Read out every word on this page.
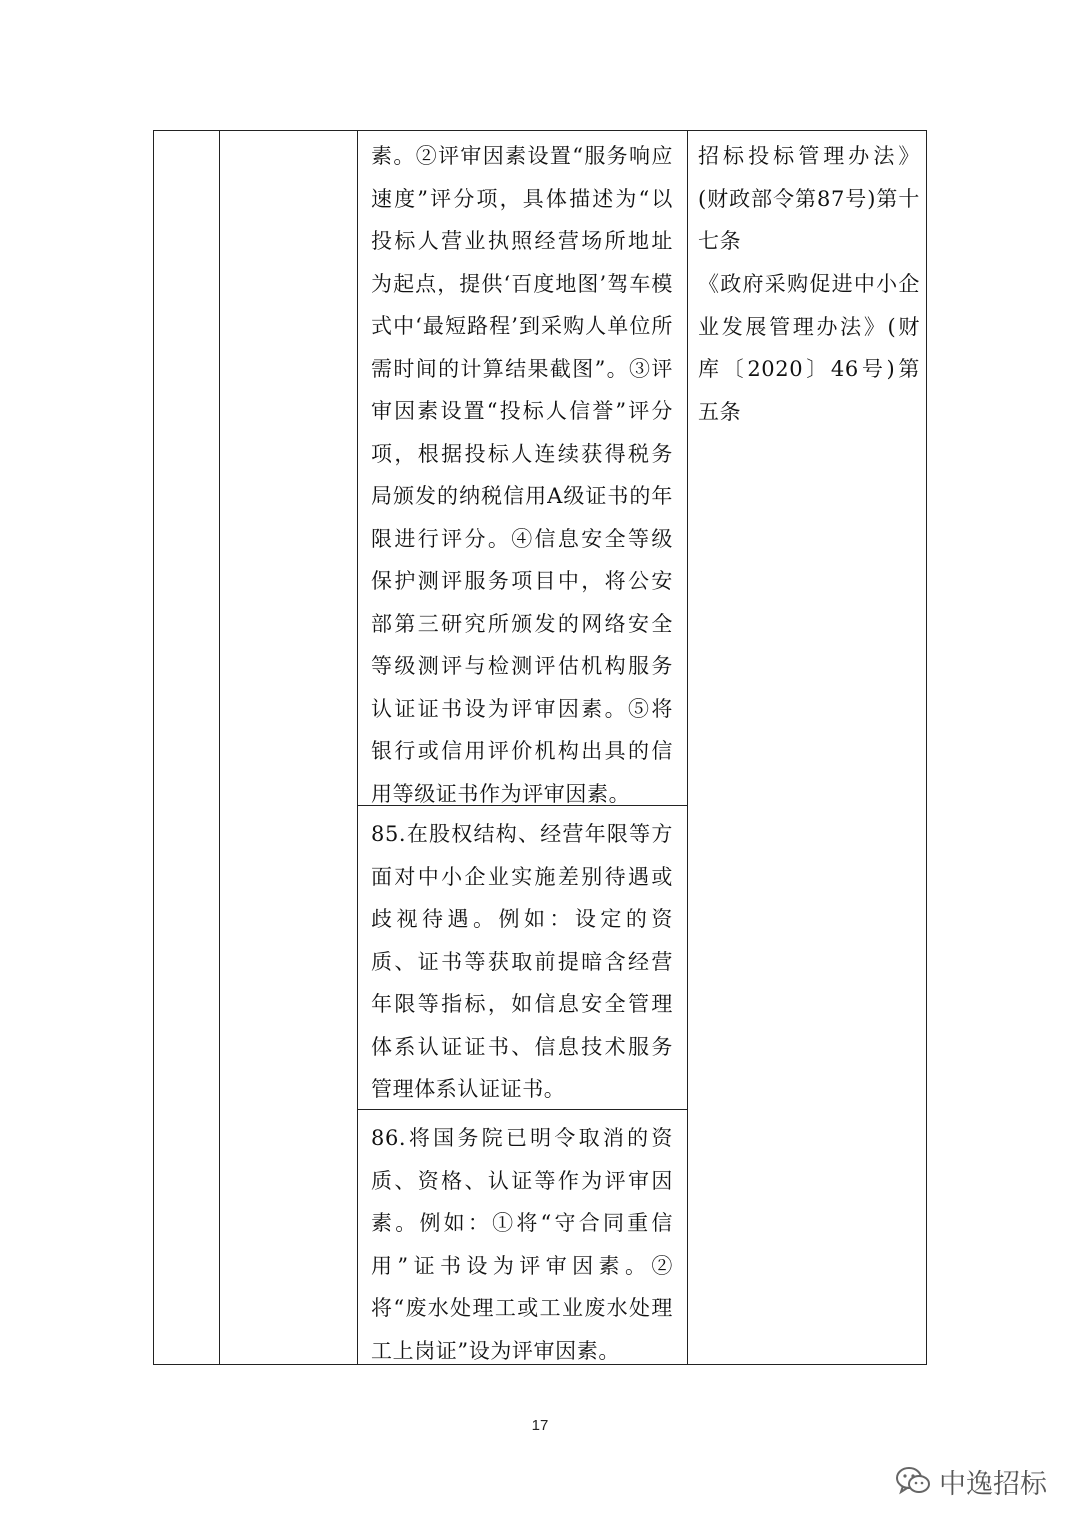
素。②评审因素设置“服务响应速度”评分项，具体描述为“以投标人营业执照经营场所地址为起点，提供‘百度地图’驾车模式中‘最短路程’到采购人单位所需时间的计算结果截图”。③评审因素设置“投标人信誉”评分项，根据投标人连续获得税务局颁发的纳税信用A级证书的年限进行评分。④信息安全等级保护测评服务项目中，将公安部第三研究所颁发的网络安全等级测评与检测评估机构服务认证证书设为评审因素。⑤将银行或信用评价机构出具的信用等级证书作为评审因素。
85.在股权结构、经营年限等方面对中小企业实施差别待遇或歧视待遇。例如：设定的资质、证书等获取前提暗含经营年限等指标，如信息安全管理体系认证证书、信息技术服务管理体系认证证书。
86.将国务院已明令取消的资质、资格、认证等作为评审因素。例如：①将“守合同重信用”证书设为评审因素。②将“废水处理工或工业废水处理工上岗证”设为评审因素。
招标投标管理办法》(财政部令第87号)第十七条
《政府采购促进中小企业发展管理办法》(财库〔2020〕46号)第五条
17
中逸招标
